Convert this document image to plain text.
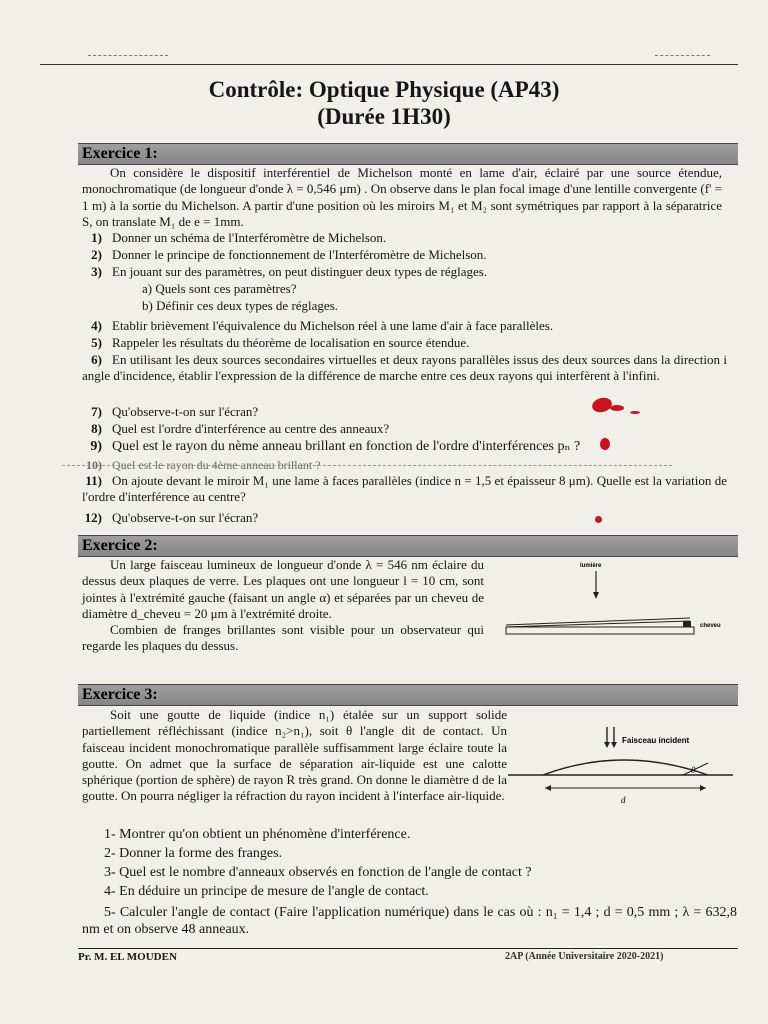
Contrôle: Optique Physique (AP43)
(Durée 1H30)
Exercice 1:
On considère le dispositif interférentiel de Michelson monté en lame d'air, éclairé par une source étendue, monochromatique (de longueur d'onde λ = 0,546 μm) . On observe dans le plan focal image d'une lentille convergente (f' = 1 m) à la sortie du Michelson. A partir d'une position où les miroirs M₁ et M₂ sont symétriques par rapport à la séparatrice S, on translate M₁ de e = 1mm.
1) Donner un schéma de l'Interféromètre de Michelson.
2) Donner le principe de fonctionnement de l'Interféromètre de Michelson.
3) En jouant sur des paramètres, on peut distinguer deux types de réglages.
a) Quels sont ces paramètres?
b) Définir ces deux types de réglages.
4) Etablir brièvement l'équivalence du Michelson réel à une lame d'air à face parallèles.
5) Rappeler les résultats du théorème de localisation en source étendue.
6) En utilisant les deux sources secondaires virtuelles et deux rayons parallèles issus des deux sources dans la direction i angle d'incidence, établir l'expression de la différence de marche entre ces deux rayons qui interfèrent à l'infini.
7) Qu'observe-t-on sur l'écran?
8) Quel est l'ordre d'interférence au centre des anneaux?
9) Quel est le rayon du nème anneau brillant en fonction de l'ordre d'interférences pₙ ?
10) Quel est le rayon du 4ème anneau brillant ?
11) On ajoute devant le miroir M₁ une lame à faces parallèles (indice n = 1,5 et épaisseur 8 μm). Quelle est la variation de l'ordre d'interférence au centre?
12) Qu'observe-t-on sur l'écran?
Exercice 2:

Un large faisceau lumineux de longueur d'onde λ = 546 nm éclaire du dessus deux plaques de verre. Les plaques ont une longueur l = 10 cm, sont jointes à l'extrémité gauche (faisant un angle α) et séparées par un cheveu de diamètre d_cheveu = 20 μm à l'extrémité droite.

Combien de franges brillantes sont visible pour un observateur qui regarde les plaques du dessus.

lumière
cheveu
Exercice 3:
Soit une goutte de liquide (indice n₁) étalée sur un support solide partiellement réfléchissant (indice n₂>n₁), soit θ l'angle dit de contact. Un faisceau incident monochromatique parallèle suffisamment large éclaire toute la goutte. On admet que la surface de séparation air-liquide est une calotte sphérique (portion de sphère) de rayon R très grand. On donne le diamètre d de la goutte. On pourra négliger la réfraction du rayon incident à l'interface air-liquide.
Faisceau incident
θ
d
1- Montrer qu'on obtient un phénomène d'interférence.
2- Donner la forme des franges.
3- Quel est le nombre d'anneaux observés en fonction de l'angle de contact ?
4- En déduire un principe de mesure de l'angle de contact.
5- Calculer l'angle de contact (Faire l'application numérique) dans le cas où : n₁ = 1,4 ; d = 0,5 mm ; λ = 632,8 nm et on observe 48 anneaux.
Pr. M. EL MOUDEN	2AP (Année Universitaire 2020-2021)
